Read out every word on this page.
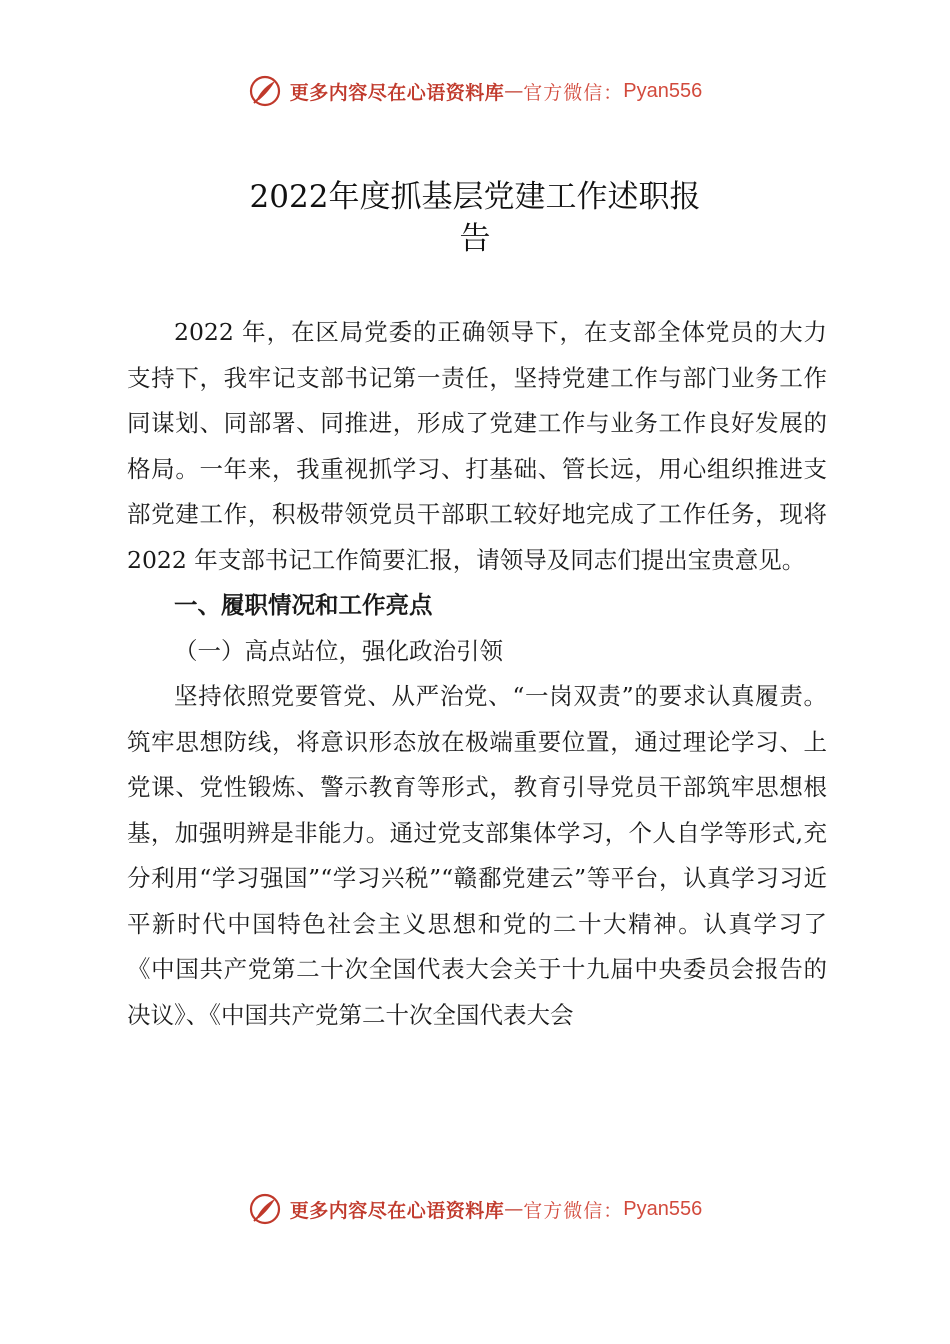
更多内容尽在心语资料库 — 官方微信： Pyan556
2022年度抓基层党建工作述职报
告

2022 年，在区局党委的正确领导下，在支部全体党员的大力支持下，我牢记支部书记第一责任，坚持党建工作与部门业务工作同谋划、同部署、同推进，形成了党建工作与业务工作良好发展的格局。一年来，我重视抓学习、打基础、管长远，用心组织推进支部党建工作，积极带领党员干部职工较好地完成了工作任务，现将 2022 年支部书记工作简要汇报，请领导及同志们提出宝贵意见。

一、履职情况和工作亮点

（一）高点站位，强化政治引领

坚持依照党要管党、从严治党、“一岗双责”的要求认真履责。筑牢思想防线，将意识形态放在极端重要位置，通过理论学习、上党课、党性锻炼、警示教育等形式，教育引导党员干部筑牢思想根基，加强明辨是非能力。通过党支部集体学习，个人自学等形式,充分利用“学习强国”“学习兴税”“赣鄱党建云”等平台，认真学习习近平新时代中国特色社会主义思想和党的二十大精神。认真学习了《中国共产党第二十次全国代表大会关于十九届中央委员会报告的决议》、《中国共产党第二十次全国代表大会

更多内容尽在心语资料库 — 官方微信： Pyan556
